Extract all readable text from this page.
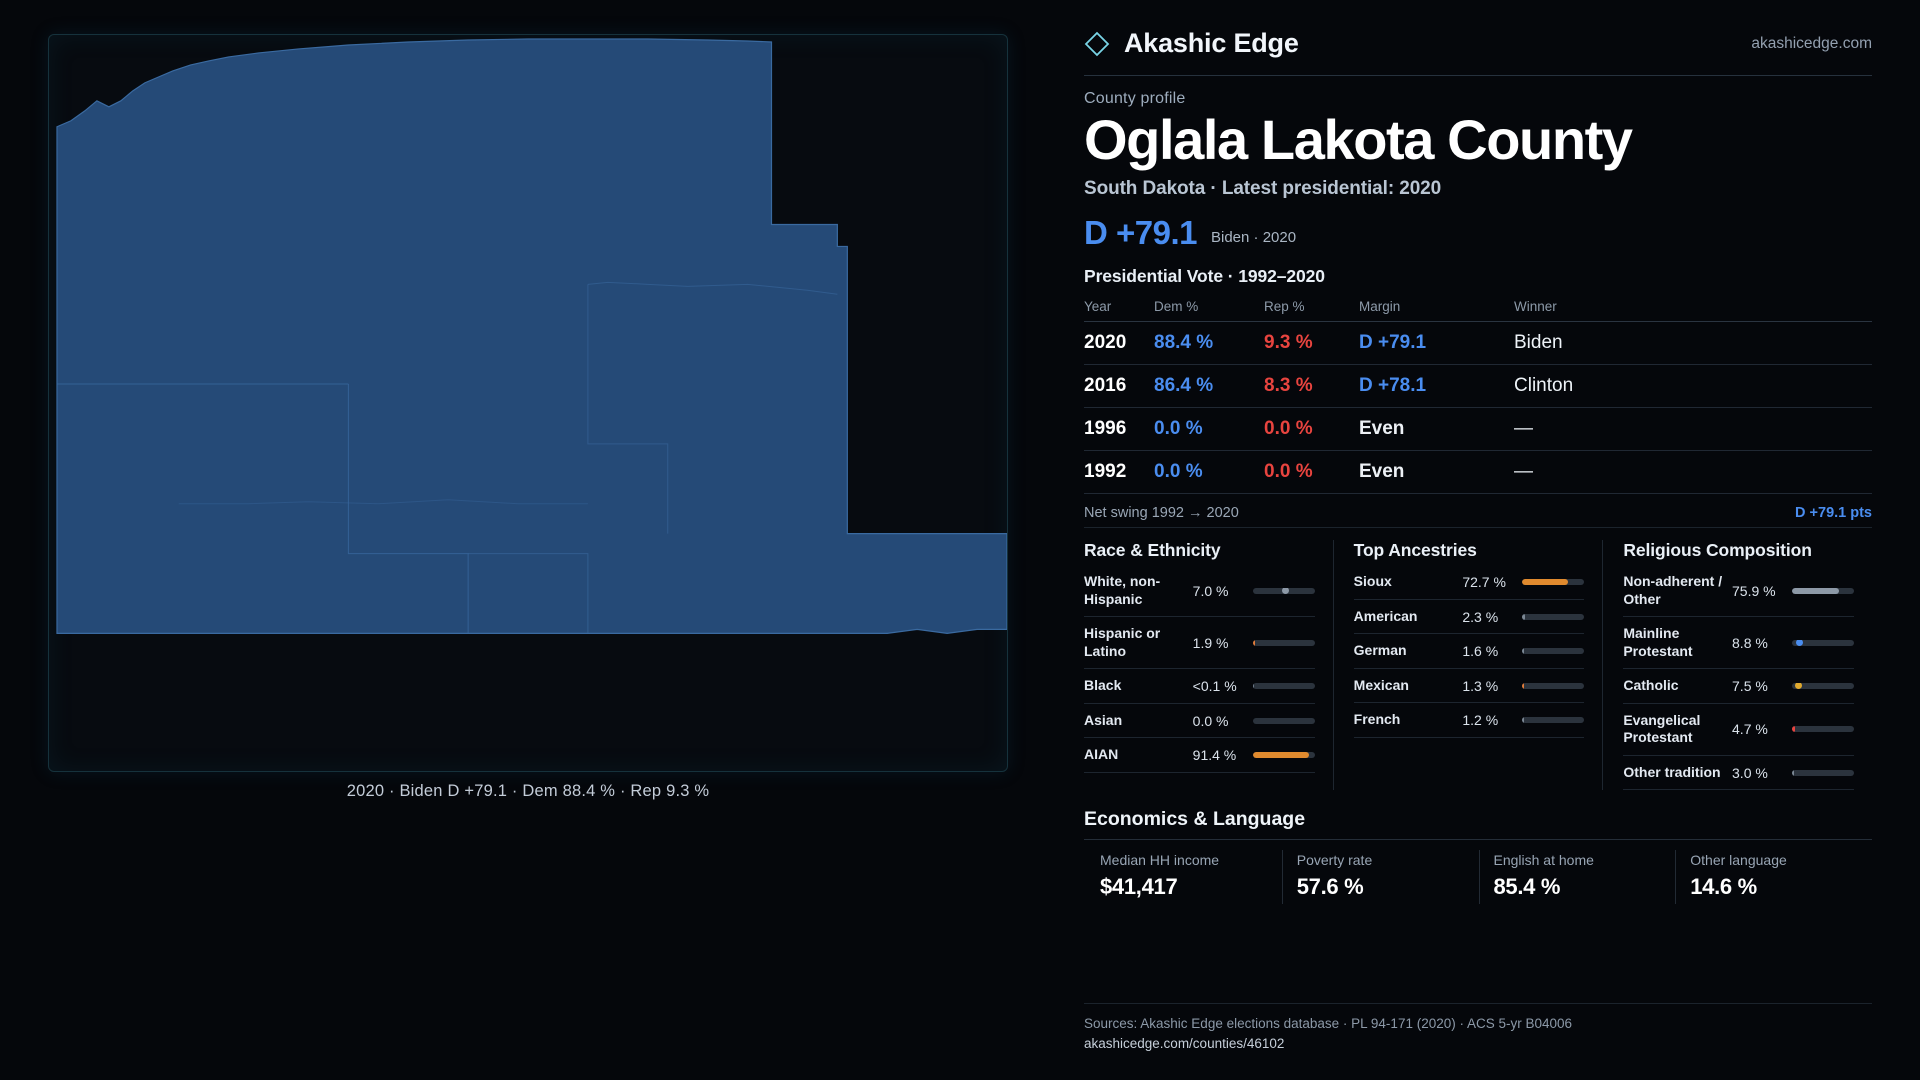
2020 · Biden D +79.1 · Dem 88.4 % · Rep 9.3 %
Akashic Edge	akashicedge.com
County profile
Oglala Lakota County
South Dakota · Latest presidential: 2020
D +79.1 Biden · 2020
Presidential Vote · 1992–2020
Year	Dem %	Rep %	Margin	Winner
2020	88.4 %	9.3 %	D +79.1	Biden
2016	86.4 %	8.3 %	D +78.1	Clinton
1996	0.0 %	0.0 %	Even	—
1992	0.0 %	0.0 %	Even	—
Net swing 1992 → 2020	D +79.1 pts
Race & Ethnicity
White, non-Hispanic	7.0 %
Hispanic or Latino	1.9 %
Black	<0.1 %
Asian	0.0 %
AIAN	91.4 %
Top Ancestries
Sioux	72.7 %
American	2.3 %
German	1.6 %
Mexican	1.3 %
French	1.2 %
Religious Composition
Non-adherent / Other	75.9 %
Mainline Protestant	8.8 %
Catholic	7.5 %
Evangelical Protestant	4.7 %
Other tradition 3.0 %
Economics & Language
Median HH income
$41,417
Poverty rate
57.6 %
English at home
85.4 %
Other language
14.6 %
Sources: Akashic Edge elections database · PL 94-171 (2020) · ACS 5-yr B04006
akashicedge.com/counties/46102
